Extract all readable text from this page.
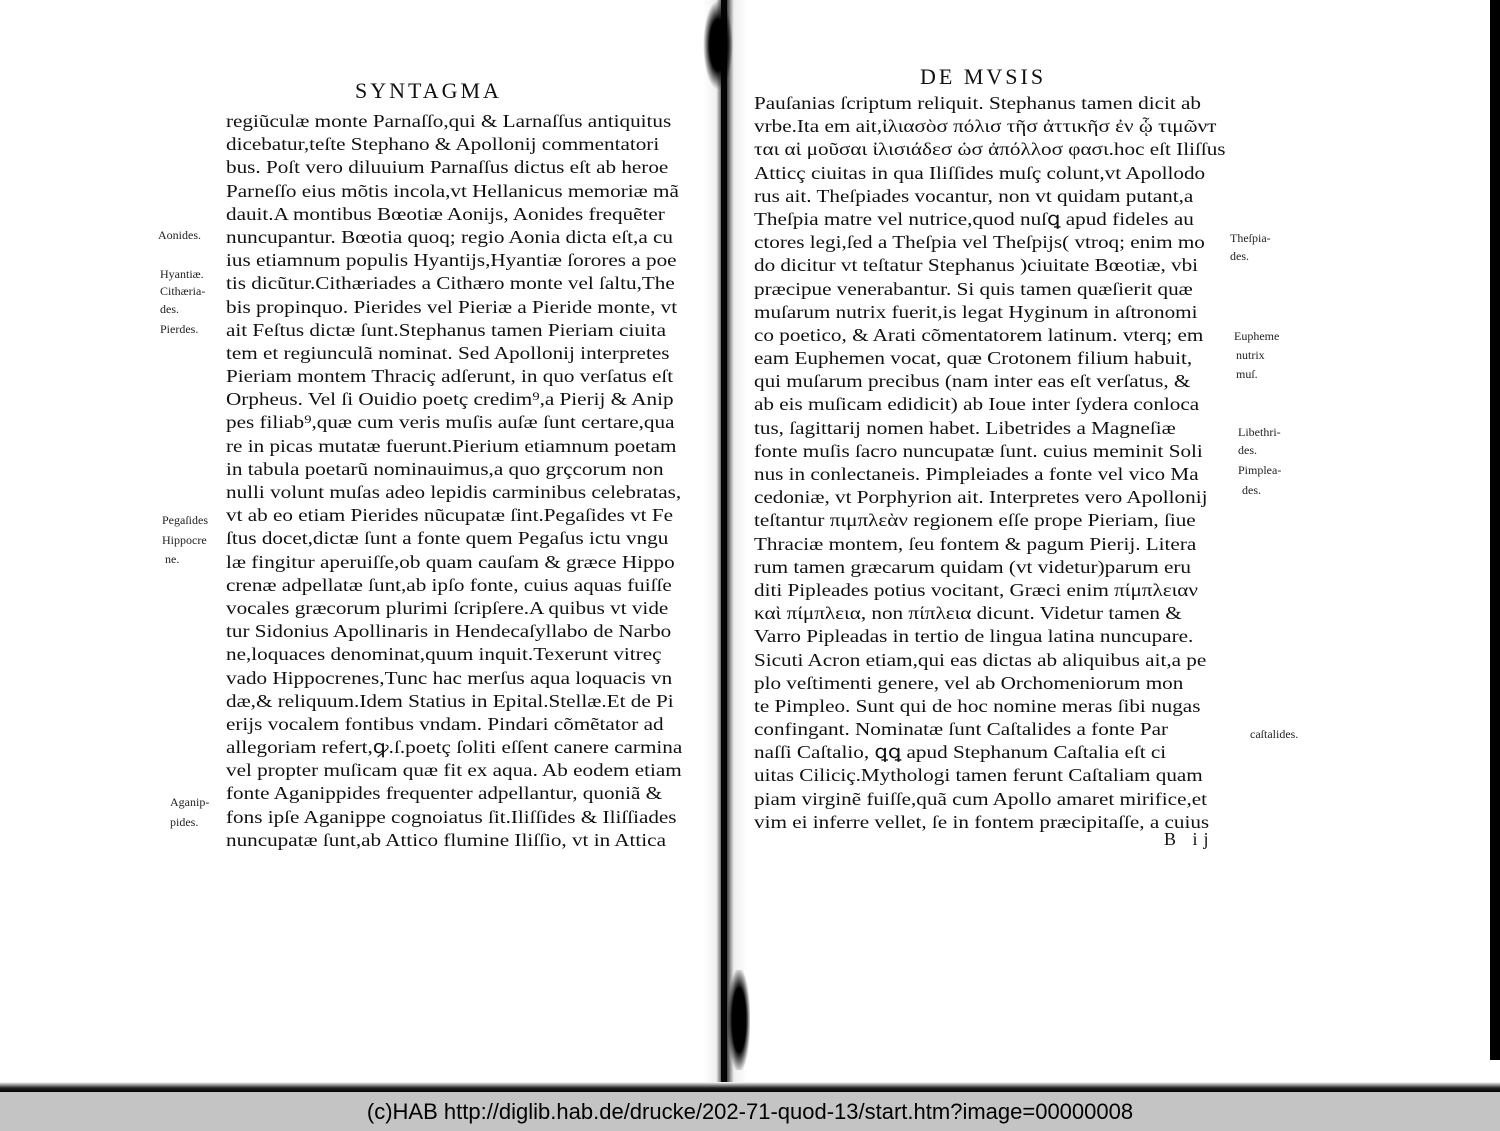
SYNTAGMA
regiũculæ monte Parnaſſo,qui & Larnaſſus antiquitus
dicebatur,teſte Stephano & Apollonij commentatori
bus. Poſt vero diluuium Parnaſſus dictus eſt ab heroe
Parneſſo eius mõtis incola,vt Hellanicus memoriæ mã
dauit.A montibus Bœotiæ Aonijs, Aonides frequẽter
nuncupantur. Bœotia quoq; regio Aonia dicta eſt,a cu
ius etiamnum populis Hyantijs,Hyantiæ ſorores a poe
tis dicũtur.Cithæriades a Cithæro monte vel ſaltu,Thе
bis propinquo. Pierides vel Pieriæ a Pieride monte, vt
ait Feſtus dictæ ſunt.Stephanus tamen Pieriam ciuita
tem et regiunculã nominat. Sed Apollonij interpretes
Pieriam montem Thraciç adſerunt, in quo verſatus eſt
Orpheus. Vel ſi Ouidio poetç credim⁹,a Pierij & Anip
pes filiab⁹,quæ cum veris muſis auſæ ſunt certare,qua
re in picas mutatæ fuerunt.Pierium etiamnum poetam
in tabula poetarũ nominauimus,a quo grçcorum non
nulli volunt muſas adeo lepidis carminibus celebratas,
vt ab eo etiam Pierides nũcupatæ ſint.Pegaſides vt Fe
ſtus docet,dictæ ſunt a fonte quem Pegaſus ictu vngu
læ fingitur aperuiſſe,ob quam cauſam & græce Hippo
crenæ adpellatæ ſunt,ab ipſo fonte, cuius aquas fuiſſe
vocales græcorum plurimi ſcripſere.A quibus vt vide
tur Sidonius Apollinaris in Hendecaſyllabo de Narbo
ne,loquaces denominat,quum inquit.Texerunt vitreç
vado Hippocrenes,Tunc hac merſus aqua loquacis vn
dæ,& reliquum.Idem Statius in Epital.Stellæ.Et de Pi
erijs vocalem fontibus vndam. Pindari cõmẽtator ad
allegoriam refert,ꝙ.ſ.poetç ſoliti eſſent canere carmina
vel propter muſicam quæ fit ex aqua. Ab eodem etiam
fonte Aganippides frequenter adpellantur, quoniã &
fons ipſe Aganippe cognoiatus ſit.Iliſſides & Iliſſiades
nuncupatæ ſunt,ab Attico flumine Iliſſio, vt in Attica
Aonides.
Hyantiæ.
Cithæria-
des.
Pierdes.
Pegaſides
Hippocre
ne.
Aganip-
pides.
DE MVSIS
Pauſanias ſcriptum reliquit. Stephanus tamen dicit ab
vrbe.Ita em ait,ἰλιασὸσ πόλισ τῆσ ἀττικῆσ ἐν ᾧ τιμῶνт
ται αἱ μοῦσαι ἰλισιάδεσ ὡσ ἀπόλλοσ φασι.hoc eſt Iliſſus
Atticç ciuitas in qua Iliſſides muſç colunt,vt Apollodo
rus ait. Theſpiades vocantur, non vt quidam putant,a
Theſpia matre vel nutrice,quod nuſꝗ apud fideles au
ctores legi,ſed a Theſpia vel Theſpijs( vtroq; enim mo
do dicitur vt teſtatur Stephanus )ciuitate Bœotiæ, vbi
præcipue venerabantur. Si quis tamen quæſierit quæ
muſarum nutrix fuerit,is legat Hyginum in aſtronomi
co poetico, & Arati cõmentatorem latinum. vterq; em
eam Euphemen vocat, quæ Crotonem filium habuit,
qui muſarum precibus (nam inter eas eſt verſatus, &
ab eis muſicam edidicit) ab Ioue inter ſydera conloca
tus, ſagittarij nomen habet. Libetrides a Magneſiæ
fonte muſis ſacro nuncupatæ ſunt. cuius meminit Soli
nus in conlectaneis. Pimpleiades a fonte vel vico Ma
cedoniæ, vt Porphyrion ait. Interpretes vero Apollonij
teſtantur πιμπλεὰν regionem eſſe prope Pieriam, ſiue
Thraciæ montem, ſeu fontem & pagum Pierij. Litera
rum tamen græcarum quidam (vt videtur)parum eru
diti Pipleades potius vocitant, Græci enim πίμπλειαν
καὶ πίμπλεια, non πίπλεια dicunt. Videtur tamen &
Varro Pipleadas in tertio de lingua latina nuncupare.
Sicuti Acron etiam,qui eas dictas ab aliquibus ait,a pe
plo veſtimenti genere, vel ab Orchomeniorum mon
te Pimpleo. Sunt qui de hoc nomine meras ſibi nugas
confingant. Nominatæ ſunt Caſtalides a fonte Par
naſſi Caſtalio, ꝗꝗ apud Stephanum Caſtalia eſt ci
uitas Ciliciç.Mythologi tamen ferunt Caſtaliam quam
piam virginẽ fuiſſe,quã cum Apollo amaret mirifice,et
vim ei inferre vellet, ſe in fontem præcipitaſſe, a cuius
Theſpia-
des.
Eupheme
nutrix
muſ.
Libethri-
des.
Pimplea-
des.
caſtalides.
B ij
(c)HAB http://diglib.hab.de/drucke/202-71-quod-13/start.htm?image=00000008
